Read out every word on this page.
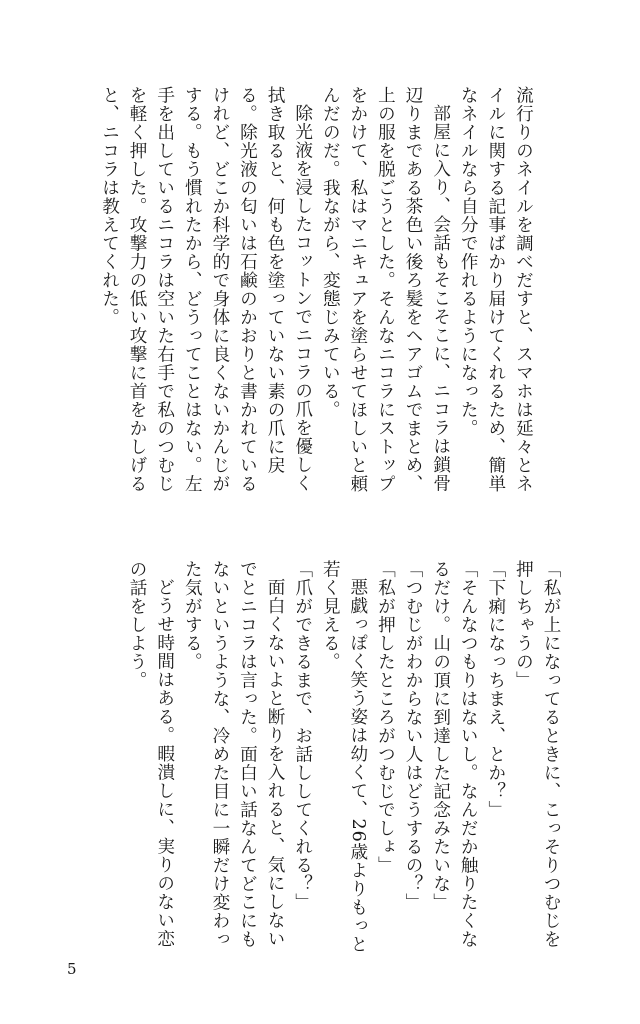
流行りのネイルを調べだすと、スマホは延々とネイルに関する記事ばかり届けてくれるため、簡単なネイルなら自分で作れるようになった。

部屋に入り、会話もそこそこに、ニコラは鎖骨辺りまである茶色い後ろ髪をヘアゴムでまとめ、上の服を脱ごうとした。そんなニコラにストップをかけて、私はマニキュアを塗らせてほしいと頼んだのだ。我ながら、変態じみている。

除光液を浸したコットンでニコラの爪を優しく拭き取ると、何も色を塗っていない素の爪に戻る。除光液の匂いは石鹸のかおりと書かれているけれど、どこか科学的で身体に良くないかんじがする。もう慣れたから、どうってことはない。左手を出しているニコラは空いた右手で私のつむじを軽く押した。攻撃力の低い攻撃に首をかしげると、ニコラは教えてくれた。

「私が上になってるときに、こっそりつむじを押しちゃうの」

「下痢になっちまえ、とか？」

「そんなつもりはないし。なんだか触りたくなるだけ。山の頂に到達した記念みたいな」

「つむじがわからない人はどうするの？」

「私が押したところがつむじでしょ」

悪戯っぽく笑う姿は幼くて、26歳よりもっと若く見える。

「爪ができるまで、お話ししてくれる？」

面白くないよと断りを入れると、気にしないでとニコラは言った。面白い話なんてどこにもないというような、冷めた目に一瞬だけ変わった気がする。

どうせ時間はある。暇潰しに、実りのない恋の話をしよう。

5
